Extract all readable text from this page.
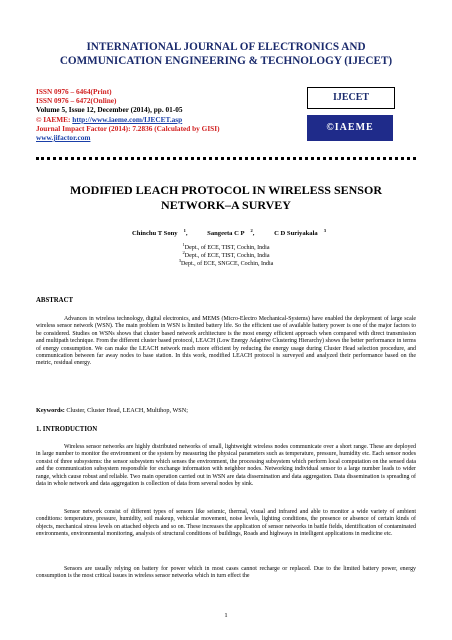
INTERNATIONAL JOURNAL OF ELECTRONICS AND
COMMUNICATION ENGINEERING & TECHNOLOGY (IJECET)
ISSN 0976 – 6464(Print)
ISSN 0976 – 6472(Online)
Volume 5, Issue 12, December (2014), pp. 01-05
© IAEME: http://www.iaeme.com/IJECET.asp
Journal Impact Factor (2014): 7.2836 (Calculated by GISI)
www.jifactor.com
IJECET
©IAEME
MODIFIED LEACH PROTOCOL IN WIRELESS SENSOR
NETWORK–A SURVEY
Chinchu T Sony $^1$,	Sangeeta C P $^2$,	C D Suriyakala $^3$
$^1$Dept., of ECE, TIST, Cochin, India
$^2$Dept., of ECE, TIST, Cochin, India
$^3$Dept., of ECE, SNGCE, Cochin, India
ABSTRACT

Advances in wireless technology, digital electronics, and MEMS (Micro-Electro Mechanical-Systems) have enabled the deployment of large scale wireless sensor network (WSN). The main problem in WSN is limited battery life. So the efficient use of available battery power is one of the major factors to be considered. Studies on WSNs shows that cluster based network architecture is the most energy efficient approach when compared with direct transmission and multipath technique. From the different cluster based protocol, LEACH (Low Energy Adaptive Clustering Hierarchy) shows the better performance in terms of energy consumption. We can make the LEACH network much more efficient by reducing the energy usage during Cluster Head selection procedure, and communication between far away nodes to base station. In this work, modified LEACH protocol is surveyed and analyzed their performance based on the metric, residual energy.

Keywords: Cluster, Cluster Head, LEACH, Multihop, WSN;
1. INTRODUCTION

Wireless sensor networks are highly distributed networks of small, lightweight wireless nodes communicate over a short range. These are deployed in large number to monitor the environment or the system by measuring the physical parameters such as temperature, pressure, humidity etc. Each sensor nodes consist of three subsystems: the sensor subsystem which senses the environment, the processing subsystem which perform local computation on the sensed data and the communication subsystem responsible for exchange information with neighbor nodes. Networking individual sensor to a large number leads to wider range, which cause robust and reliable. Two main operation carried out in WSN are data dissemination and data aggregation. Data dissemination is spreading of data in whole network and data aggregation is collection of data from several nodes by sink.

Sensor network consist of different types of sensors like seismic, thermal, visual and infrared and able to monitor a wide variety of ambient conditions: temperature, pressure, humidity, soil makeup, vehicular movement, noise levels, lighting conditions, the presence or absence of certain kinds of objects, mechanical stress levels on attached objects and so on. These increases the application of sensor networks in battle fields, identification of contaminated environments, environmental monitoring, analysis of structural conditions of buildings, Roads and highways in intelligent applications in medicine etc.

Sensors are usually relying on battery for power which in most cases cannot recharge or replaced. Due to the limited battery power, energy consumption is the most critical issues in wireless sensor networks which in turn effect the

1
